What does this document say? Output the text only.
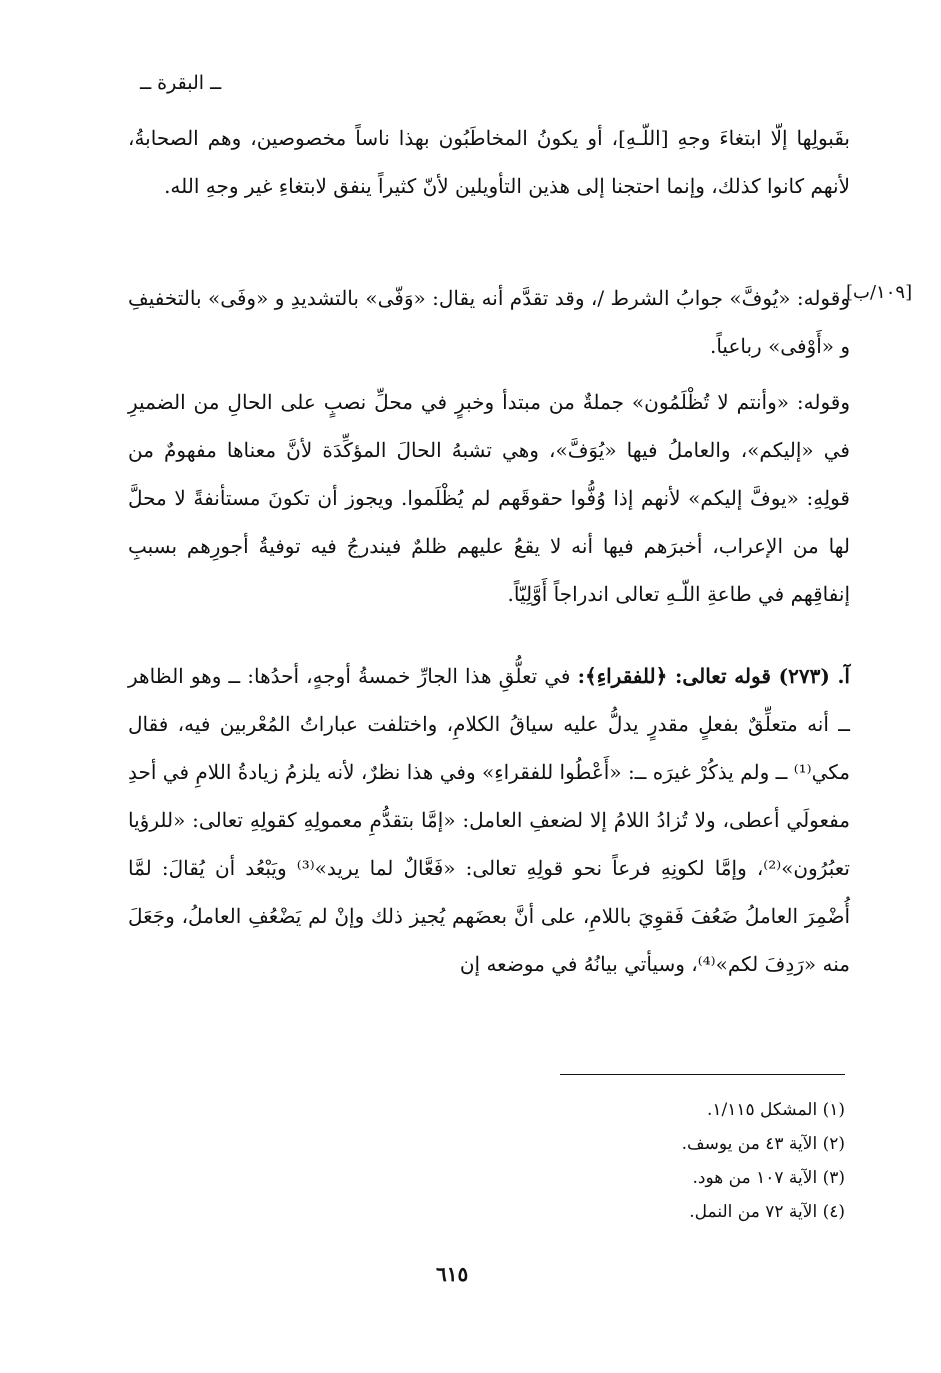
ــ البقرة ــ
بقَبولِها إلّا ابتغاءَ وجهِ [اللّـهِ]، أو يكونُ المخاطَبُون بهذا ناساً مخصوصين، وهم الصحابةُ، لأنهم كانوا كذلك، وإنما احتجنا إلى هذين التأويلين لأنّ كثيراً ينفق لابتغاءِ غير وجهِ الله.
[١٠٩/ب]
وقوله: «يُوفَّ» جوابُ الشرط /، وقد تقدَّم أنه يقال: «وَفّى» بالتشديدِ و «وفَى» بالتخفيفِ و «أَوْفى» رباعياً.
وقوله: «وأنتم لا تُظْلَمُون» جملةٌ من مبتدأ وخبرٍ في محلِّ نصبٍ على الحالِ من الضميرِ في «إليكم»، والعاملُ فيها «يُوَفَّ»، وهي تشبهُ الحالَ المؤكِّدَة لأنَّ معناها مفهومٌ من قولِهِ: «يوفَّ إليكم» لأنهم إذا وُفُّوا حقوقَهم لم يُظْلَموا. ويجوز أن تكونَ مستأنفةً لا محلَّ لها من الإعراب، أخبرَهم فيها أنه لا يقعُ عليهم ظلمٌ فيندرجُ فيه توفيةُ أجورِهم بسببِ إنفاقِهم في طاعةِ اللّـهِ تعالى اندراجاً أَوَّلِيّاً.
آ. (٢٧٣) قوله تعالى: ﴿للفقراءِ﴾: في تعلُّقِ هذا الجارِّ خمسةُ أوجهٍ، أحدُها: ــ وهو الظاهر ــ أنه متعلِّقٌ بفعلٍ مقدرٍ يدلُّ عليه سياقُ الكلامِ، واختلفت عباراتُ المُعْربين فيه، فقال مكي⁽¹⁾ ــ ولم يذكُرْ غيرَه ــ: «أَعْطُوا للفقراءِ» وفي هذا نظرٌ، لأنه يلزمُ زيادةُ اللامِ في أحدِ مفعولَي أعطى، ولا تُزادُ اللامُ إلا لضعفِ العامل: «إمَّا بتقدُّمِ معمولِهِ كقولِهِ تعالى: «للرؤيا تعبُرُون»⁽²⁾، وإمَّا لكونِهِ فرعاً نحو قولِهِ تعالى: «فَعَّالٌ لما يريد»⁽³⁾ ويَبْعُد أن يُقالَ: لمَّا أُضْمِرَ العاملُ ضَعُفَ فَقوِيَ باللامِ، على أنَّ بعضَهم يُجيز ذلك وإنْ لم يَضْعُفِ العاملُ، وجَعَلَ منه «رَدِفَ لكم»⁽⁴⁾، وسيأتي بيانُهُ في موضعه إن
(١) المشكل ١/١١٥.
(٢) الآية ٤٣ من يوسف.
(٣) الآية ١٠٧ من هود.
(٤) الآية ٧٢ من النمل.
٦١٥
